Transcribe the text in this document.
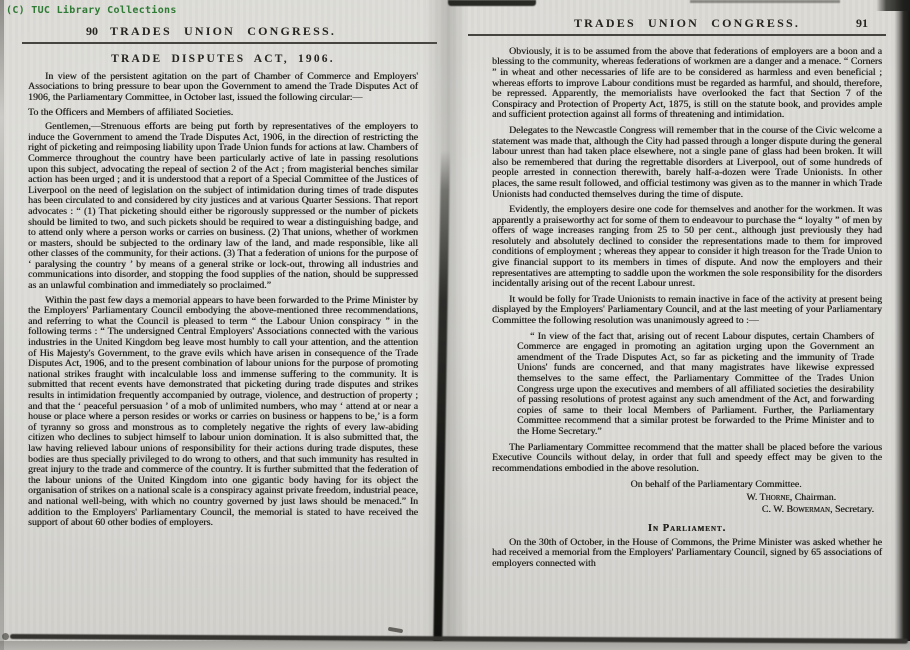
(C) TUC Library Collections
90 TRADES UNION CONGRESS.
TRADE DISPUTES ACT, 1906.

In view of the persistent agitation on the part of Chamber of Commerce and Employers' Associations to bring pressure to bear upon the Government to amend the Trade Disputes Act of 1906, the Parliamentary Committee, in October last, issued the following circular:—

To the Officers and Members of affiliated Societies.

Gentlemen,—Strenuous efforts are being put forth by representatives of the employers to induce the Government to amend the Trade Disputes Act, 1906, in the direction of restricting the right of picketing and reimposing liability upon Trade Union funds for actions at law. Chambers of Commerce throughout the country have been particularly active of late in passing resolutions upon this subject, advocating the repeal of section 2 of the Act ; from magisterial benches similar action has been urged ; and it is understood that a report of a Special Committee of the Justices of Liverpool on the need of legislation on the subject of intimidation during times of trade disputes has been circulated to and considered by city justices and at various Quarter Sessions. That report advocates : “ (1) That picketing should either be rigorously suppressed or the number of pickets should be limited to two, and such pickets should be required to wear a distinguishing badge, and to attend only where a person works or carries on business. (2) That unions, whether of workmen or masters, should be subjected to the ordinary law of the land, and made responsible, like all other classes of the community, for their actions. (3) That a federation of unions for the purpose of ‘ paralysing the country ’ by means of a general strike or lock-out, throwing all industries and communications into disorder, and stopping the food supplies of the nation, should be suppressed as an unlawful combination and immediately so proclaimed.”

Within the past few days a memorial appears to have been forwarded to the Prime Minister by the Employers' Parliamentary Council embodying the above-mentioned three recommendations, and referring to what the Council is pleased to term “ the Labour Union conspiracy ” in the following terms : “ The undersigned Central Employers' Associations connected with the various industries in the United Kingdom beg leave most humbly to call your attention, and the attention of His Majesty's Government, to the grave evils which have arisen in consequence of the Trade Disputes Act, 1906, and to the present combination of labour unions for the purpose of promoting national strikes fraught with incalculable loss and immense suffering to the community. It is submitted that recent events have demonstrated that picketing during trade disputes and strikes results in intimidation frequently accompanied by outrage, violence, and destruction of property ; and that the ‘ peaceful persuasion ’ of a mob of unlimited numbers, who may ‘ attend at or near a house or place where a person resides or works or carries on business or happens to be,’ is a form of tyranny so gross and monstrous as to completely negative the rights of every law-abiding citizen who declines to subject himself to labour union domination. It is also submitted that, the law having relieved labour unions of responsibility for their actions during trade disputes, these bodies are thus specially privileged to do wrong to others, and that such immunity has resulted in great injury to the trade and commerce of the country. It is further submitted that the federation of the labour unions of the United Kingdom into one gigantic body having for its object the organisation of strikes on a national scale is a conspiracy against private freedom, industrial peace, and national well-being, with which no country governed by just laws should be menaced.” In addition to the Employers' Parliamentary Council, the memorial is stated to have received the support of about 60 other bodies of employers.

TRADES UNION CONGRESS.	91

Obviously, it is to be assumed from the above that federations of employers are a boon and a blessing to the community, whereas federations of workmen are a danger and a menace. “ Corners ” in wheat and other necessaries of life are to be considered as harmless and even beneficial ; whereas efforts to improve Labour conditions must be regarded as harmful, and should, therefore, be repressed. Apparently, the memorialists have overlooked the fact that Section 7 of the Conspiracy and Protection of Property Act, 1875, is still on the statute book, and provides ample and sufficient protection against all forms of threatening and intimidation.

Delegates to the Newcastle Congress will remember that in the course of the Civic welcome a statement was made that, although the City had passed through a longer dispute during the general labour unrest than had taken place elsewhere, not a single pane of glass had been broken. It will also be remembered that during the regrettable disorders at Liverpool, out of some hundreds of people arrested in connection therewith, barely half-a-dozen were Trade Unionists. In other places, the same result followed, and official testimony was given as to the manner in which Trade Unionists had conducted themselves during the time of dispute.

Evidently, the employers desire one code for themselves and another for the workmen. It was apparently a praiseworthy act for some of them to endeavour to purchase the “ loyalty ” of men by offers of wage increases ranging from 25 to 50 per cent., although just previously they had resolutely and absolutely declined to consider the representations made to them for improved conditions of employment ; whereas they appear to consider it high treason for the Trade Union to give financial support to its members in times of dispute. And now the employers and their representatives are attempting to saddle upon the workmen the sole responsibility for the disorders incidentally arising out of the recent Labour unrest.

It would be folly for Trade Unionists to remain inactive in face of the activity at present being displayed by the Employers' Parliamentary Council, and at the last meeting of your Parliamentary Committee the following resolution was unanimously agreed to :—

“ In view of the fact that, arising out of recent Labour disputes, certain Chambers of Commerce are engaged in promoting an agitation urging upon the Government an amendment of the Trade Disputes Act, so far as picketing and the immunity of Trade Unions' funds are concerned, and that many magistrates have likewise expressed themselves to the same effect, the Parliamentary Committee of the Trades Union Congress urge upon the executives and members of all affiliated societies the desirability of passing resolutions of protest against any such amendment of the Act, and forwarding copies of same to their local Members of Parliament. Further, the Parliamentary Committee recommend that a similar protest be forwarded to the Prime Minister and to the Home Secretary.”

The Parliamentary Committee recommend that the matter shall be placed before the various Executive Councils without delay, in order that full and speedy effect may be given to the recommendations embodied in the above resolution.

On behalf of the Parliamentary Committee.

W. Thorne, Chairman.

C. W. Bowerman, Secretary.

In Parliament.

On the 30th of October, in the House of Commons, the Prime Minister was asked whether he had received a memorial from the Employers' Parliamentary Council, signed by 65 associations of employers connected with
